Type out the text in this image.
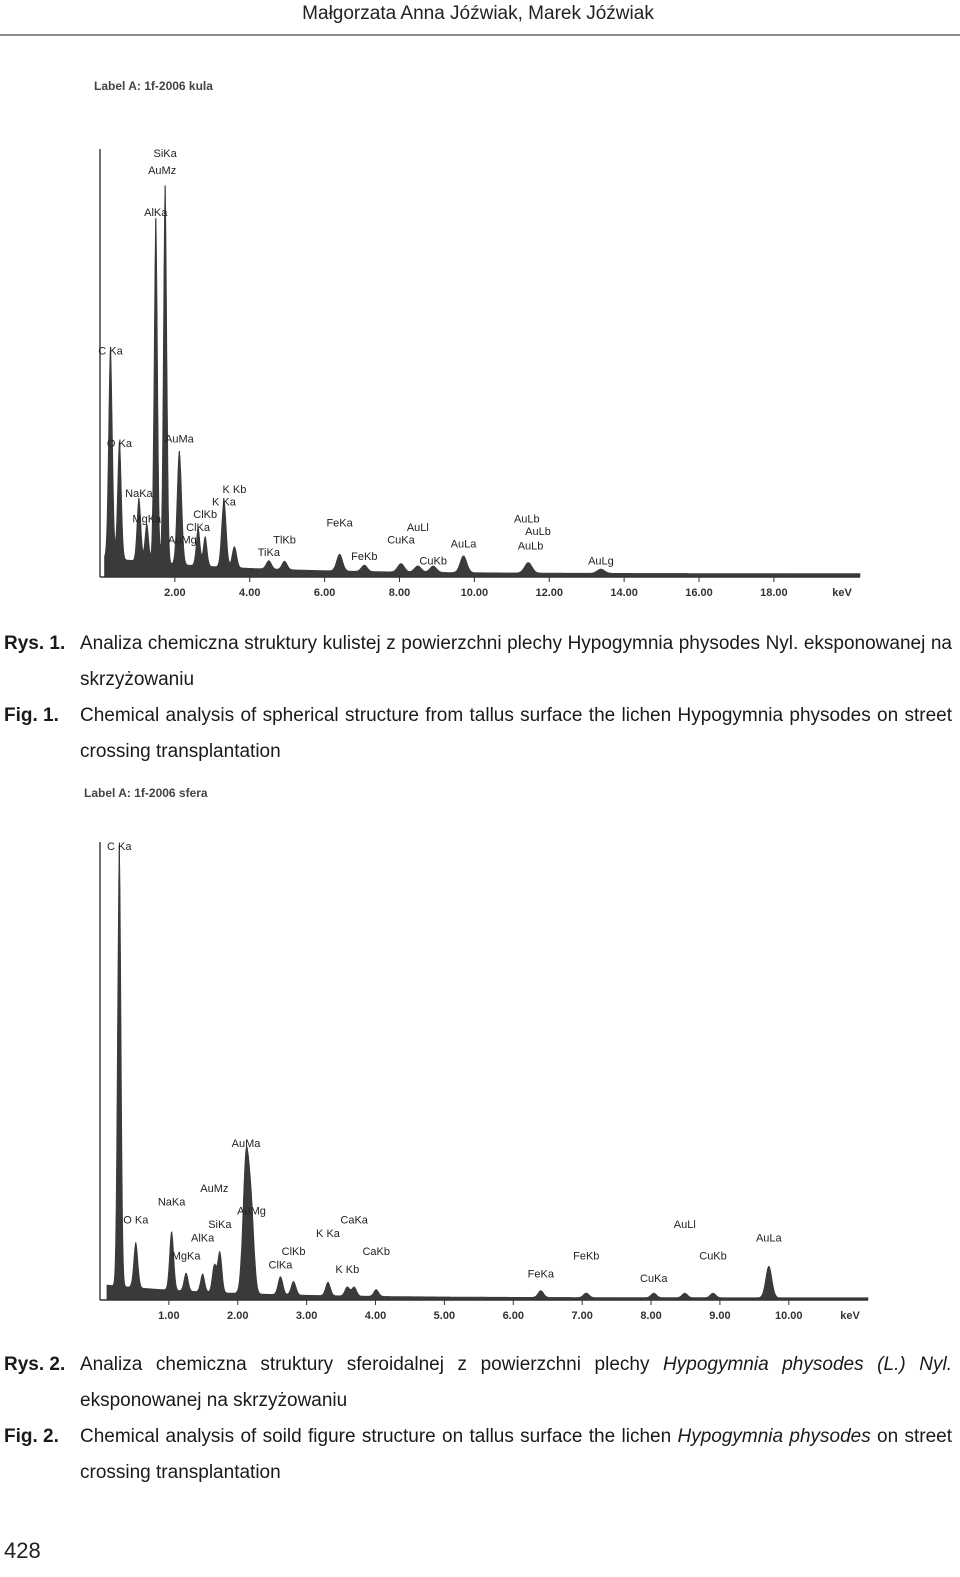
Małgorzata Anna Jóźwiak, Marek Jóźwiak
Label A: 1f-2006 kula
2.00	4.00	6.00	8.00	10.00	12.00	14.00	16.00	18.00	keV
SiKa
AuMz
AlKa
C Ka
O Ka	AuMa
NaKa
MgKa
K Kb
K Ka
ClKb
ClKa
AuMg	TlKb
TiKa
FeKa
FeKb
AuLl
CuKa
CuKb
AuLa
AuLb
AuLb
AuLb
AuLg
Rys. 1. Analiza chemiczna struktury kulistej z powierzchni plechy Hypogymnia physodes Nyl. eksponowanej na skrzyżowaniu
Fig. 1. Chemical analysis of spherical structure from tallus surface the lichen Hypogymnia physodes on street crossing transplantation
Label A: 1f-2006 sfera
1.00	2.00	3.00	4.00	5.00	6.00	7.00	8.00	9.00	10.00	keV
C Ka
AuMa
AuMz
AuMg
NaKa
O Ka	SiKa
AlKa
MgKa
CaKa
K Ka
ClKb
ClKa
CaKb
K Kb
FeKb
FeKa
AuLl
CuKb
CuKa
AuLa
Rys. 2. Analiza chemiczna struktury sferoidalnej z powierzchni plechy Hypogymnia physodes (L.) Nyl. eksponowanej na skrzyżowaniu
Fig. 2. Chemical analysis of soild figure structure on tallus surface the lichen Hypogymnia physodes on street crossing transplantation
428
